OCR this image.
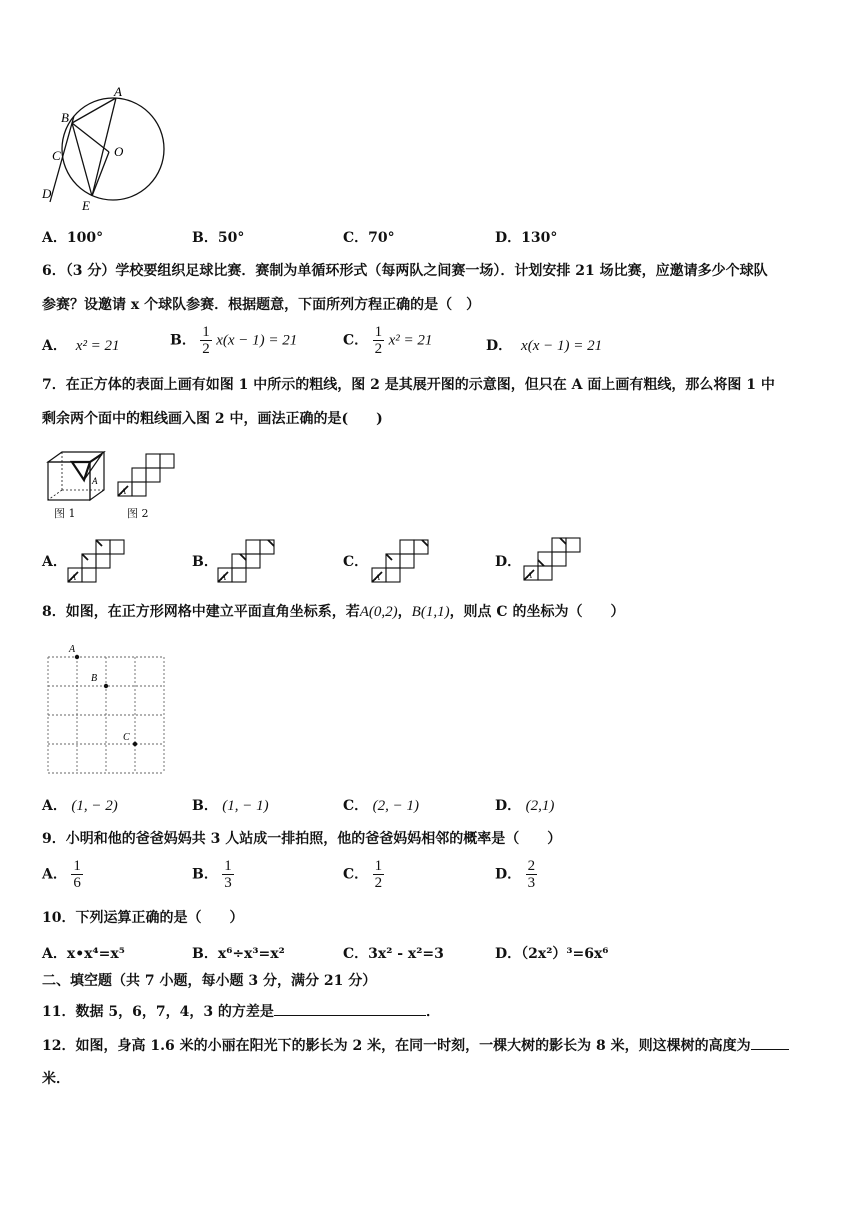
A
B
C	O
D
E
A．100°	B．50°	C．70°	D．130°
6．（3 分）学校要组织足球比赛．赛制为单循环形式（每两队之间赛一场）．计划安排 21 场比赛，应邀请多少个球队
参赛？设邀请 x 个球队参赛．根据题意，下面所列方程正确的是（　）
A． x² = 21	B． $\frac{1}{2} x(x - 1) = 21$	C． $\frac{1}{2} x^2 = 21$	D． x(x − 1) = 21
7．在正方体的表面上画有如图 1 中所示的粗线，图 2 是其展开图的示意图，但只在 A 面上画有粗线，那么将图 1 中
剩余两个面中的粗线画入图 2 中，画法正确的是(　　)
A
图 1
A
图 2
A．
A
B．
A
C．
A
D．
A
8．如图，在正方形网格中建立平面直角坐标系，若A(0,2)，B(1,1)，则点 C 的坐标为（　　）
A
B
C
A． (1, − 2)	B． (1, − 1)	C． (2, − 1)	D． (2,1)
9．小明和他的爸爸妈妈共 3 人站成一排拍照，他的爸爸妈妈相邻的概率是（　　）
A． $\frac{1}{6}$	B． $\frac{1}{3}$	C． $\frac{1}{2}$	D． $\frac{2}{3}$
10．下列运算正确的是（　　）
A．x•x⁴=x⁵	B．x⁶÷x³=x²	C．3x² - x²=3	D．（2x²）³=6x⁶
二、填空题（共 7 小题，每小题 3 分，满分 21 分）
11．数据 5，6，7，4，3 的方差是	．
12．如图，身高 1.6 米的小丽在阳光下的影长为 2 米，在同一时刻，一棵大树的影长为 8 米，则这棵树的高度为
米．
